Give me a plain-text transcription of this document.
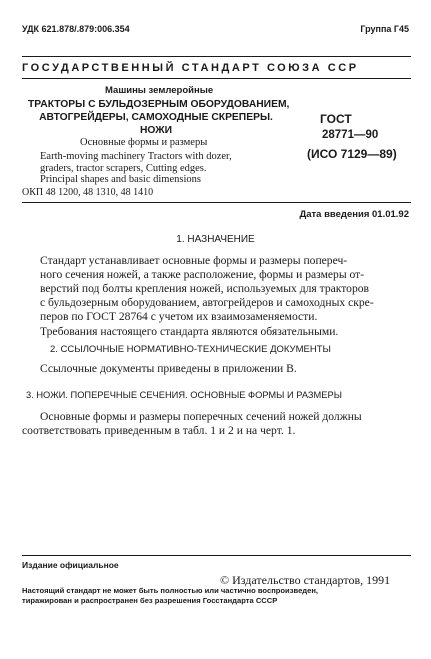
УДК 621.878/.879:006.354	Группа Г45
ГОСУДАРСТВЕННЫЙ СТАНДАРТ СОЮЗА ССР
Машины землеройные
ТРАКТОРЫ С БУЛЬДОЗЕРНЫМ ОБОРУДОВАНИЕМ,
АВТОГРЕЙДЕРЫ, САМОХОДНЫЕ СКРЕПЕРЫ.
НОЖИ
Основные формы и размеры
Earth-moving machinery Tractors with dozer,
graders, tractor scrapers, Cutting edges.
Principal shapes and basic dimensions
ОКП 48 1200, 48 1310, 48 1410
ГОСТ
28771—90
(ИСО 7129—89)
Дата введения 01.01.92
1. НАЗНАЧЕНИЕ
Стандарт устанавливает основные формы и размеры попереч-
ного сечения ножей, а также расположение, формы и размеры от-
верстий под болты крепления ножей, используемых для тракторов
с бульдозерным оборудованием, автогрейдеров и самоходных скре-
перов по ГОСТ 28764 с учетом их взаимозаменяемости.
Требования настоящего стандарта являются обязательными.
2. ССЫЛОЧНЫЕ НОРМАТИВНО-ТЕХНИЧЕСКИЕ ДОКУМЕНТЫ
Ссылочные документы приведены в приложении В.
3. НОЖИ. ПОПЕРЕЧНЫЕ СЕЧЕНИЯ. ОСНОВНЫЕ ФОРМЫ И РАЗМЕРЫ
Основные формы и размеры поперечных сечений ножей должны
соответствовать приведенным в табл. 1 и 2 и на черт. 1.
Издание официальное
© Издательство стандартов, 1991
Настоящий стандарт не может быть полностью или частично воспроизведен,
тиражирован и распространен без разрешения Госстандарта СССР
